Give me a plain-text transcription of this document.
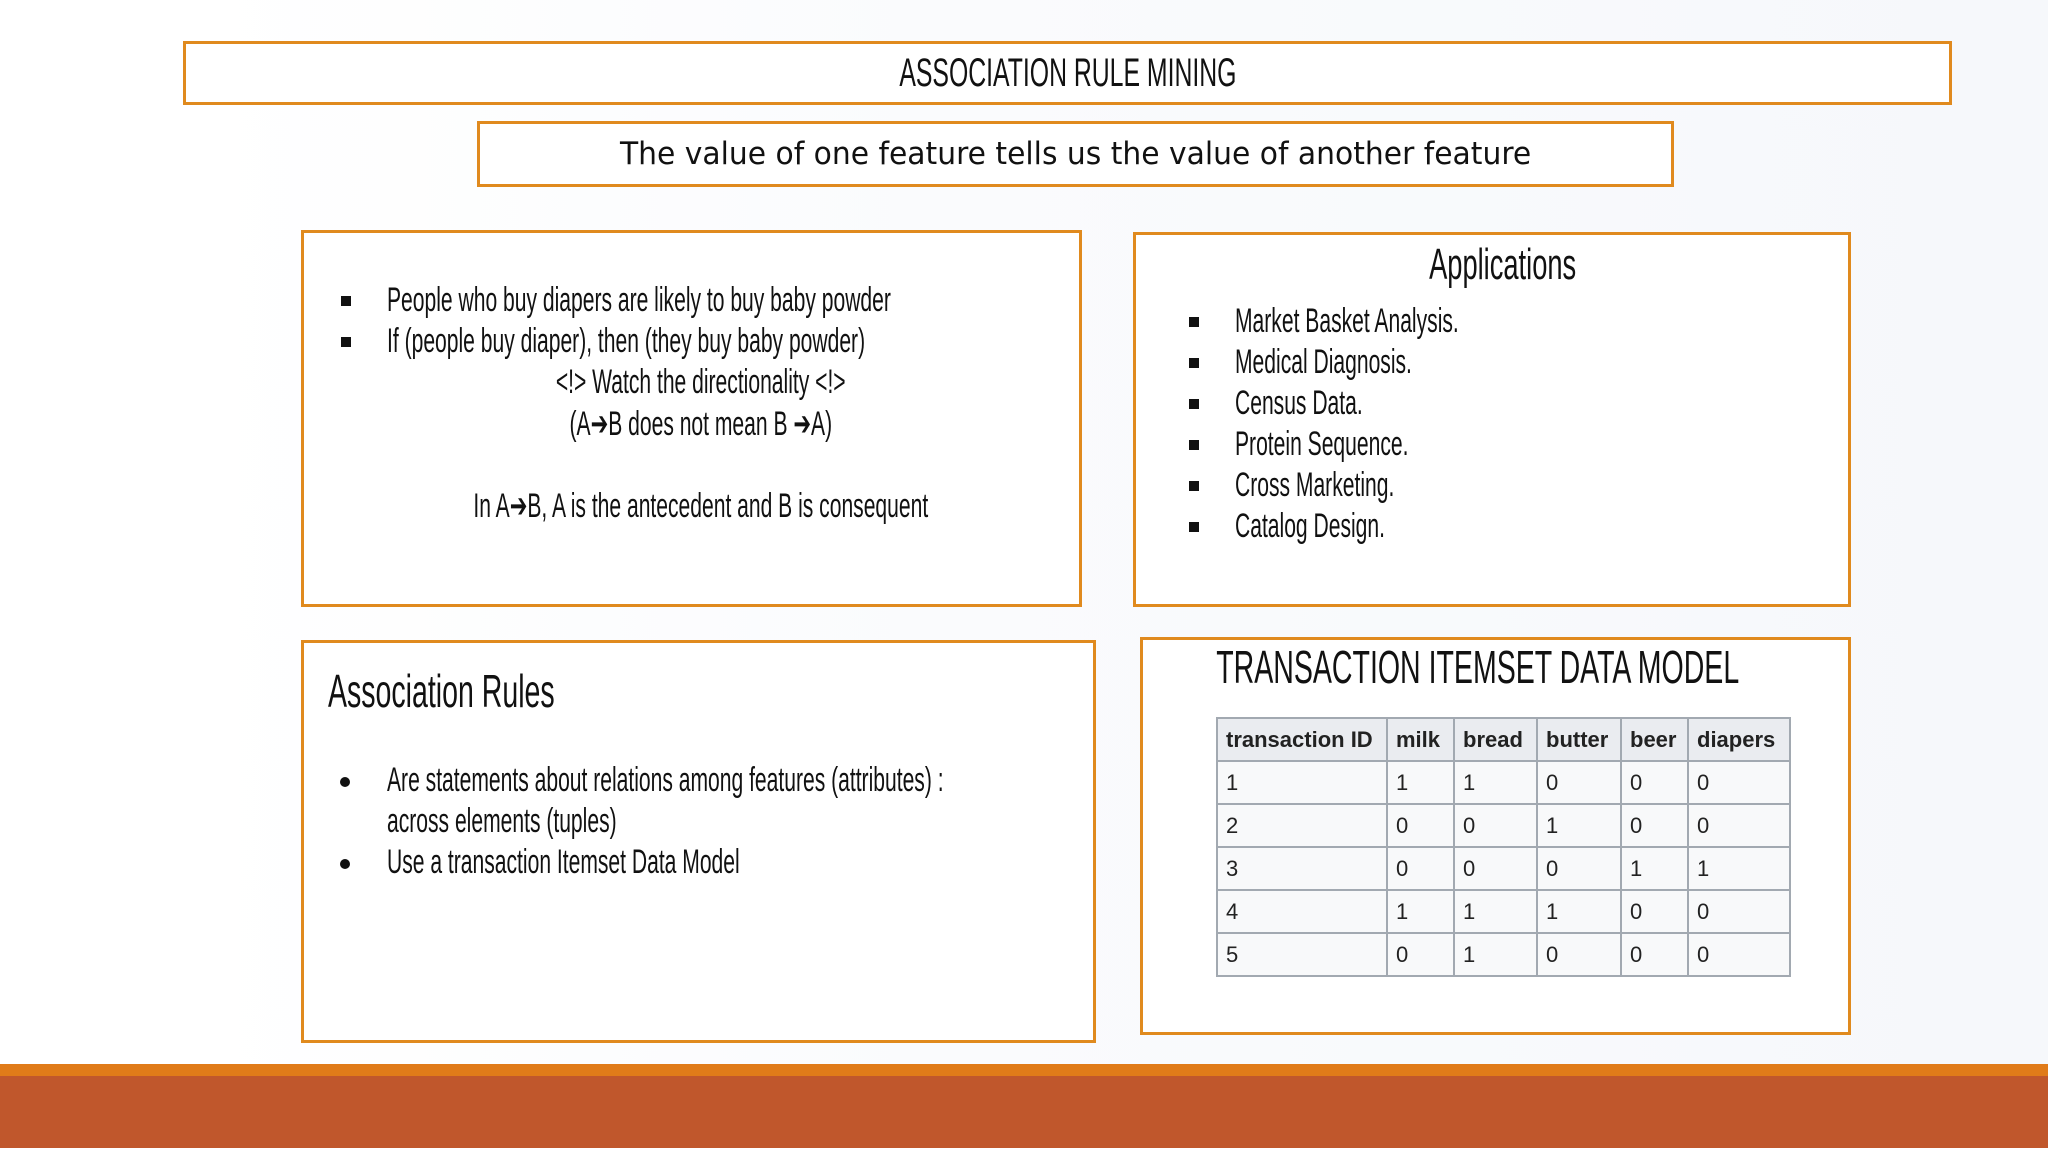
ASSOCIATION RULE MINING
The value of one feature tells us the value of another feature
People who buy diapers are likely to buy baby powder
If (people buy diaper), then (they buy baby powder)
<!> Watch the directionality <!>
(A➔B does not mean B ➔A)
In A➔B, A is the antecedent and B is consequent
Applications
Market Basket Analysis.
Medical Diagnosis.
Census Data.
Protein Sequence.
Cross Marketing.
Catalog Design.
Association Rules
Are statements about relations among features (attributes) :
across elements (tuples)
Use a transaction Itemset Data Model
TRANSACTION ITEMSET DATA MODEL
transaction ID	milk	bread	butter	beer	diapers
1	1	1	0	0	0
2	0	0	1	0	0
3	0	0	0	1	1
4	1	1	1	0	0
5	0	1	0	0	0
